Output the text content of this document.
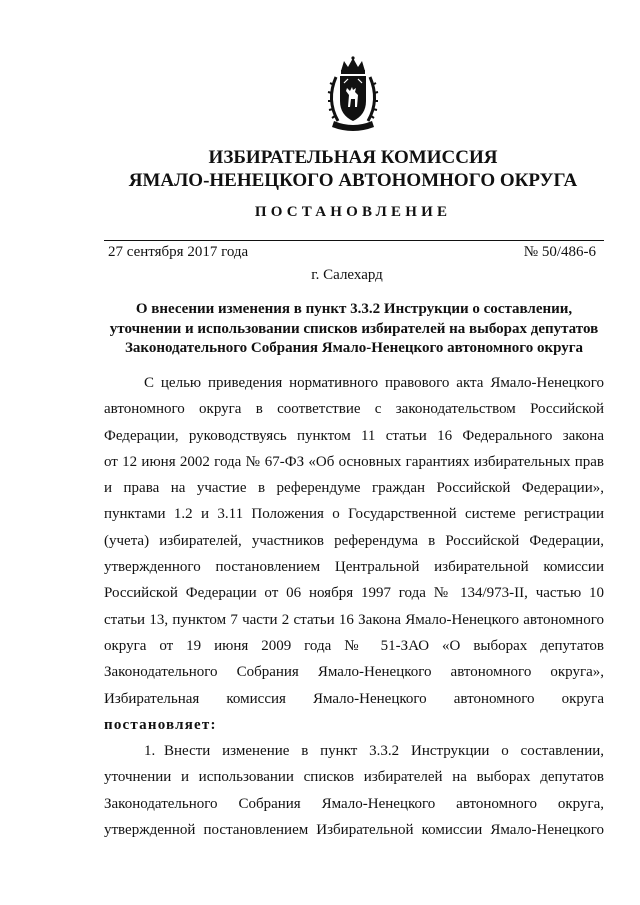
ИЗБИРАТЕЛЬНАЯ КОМИССИЯ
ЯМАЛО-НЕНЕЦКОГО АВТОНОМНОГО ОКРУГА
ПОСТАНОВЛЕНИЕ
27 сентября 2017 года	№ 50/486-6
г. Салехард
О внесении изменения в пункт 3.3.2 Инструкции о составлении,
уточнении и использовании списков избирателей на выборах депутатов
Законодательного Собрания Ямало-Ненецкого автономного округа
С целью приведения нормативного правового акта Ямало-Ненецкого
автономного округа в соответствие с законодательством Российской
Федерации, руководствуясь пунктом 11 статьи 16 Федерального закона
от 12 июня 2002 года № 67-ФЗ «Об основных гарантиях избирательных прав
и права на участие в референдуме граждан Российской Федерации»,
пунктами 1.2 и 3.11 Положения о Государственной системе регистрации
(учета) избирателей, участников референдума в Российской Федерации,
утвержденного постановлением Центральной избирательной комиссии
Российской Федерации от 06 ноября 1997 года № 134/973-II, частью 10
статьи 13, пунктом 7 части 2 статьи 16 Закона Ямало-Ненецкого автономного
округа от 19 июня 2009 года № 51-ЗАО «О выборах депутатов
Законодательного Собрания Ямало-Ненецкого автономного округа»,
Избирательная комиссия Ямало-Ненецкого автономного округа
постановляет:
1. Внести изменение в пункт 3.3.2 Инструкции о составлении,
уточнении и использовании списков избирателей на выборах депутатов
Законодательного Собрания Ямало-Ненецкого автономного округа,
утвержденной постановлением Избирательной комиссии Ямало-Ненецкого
